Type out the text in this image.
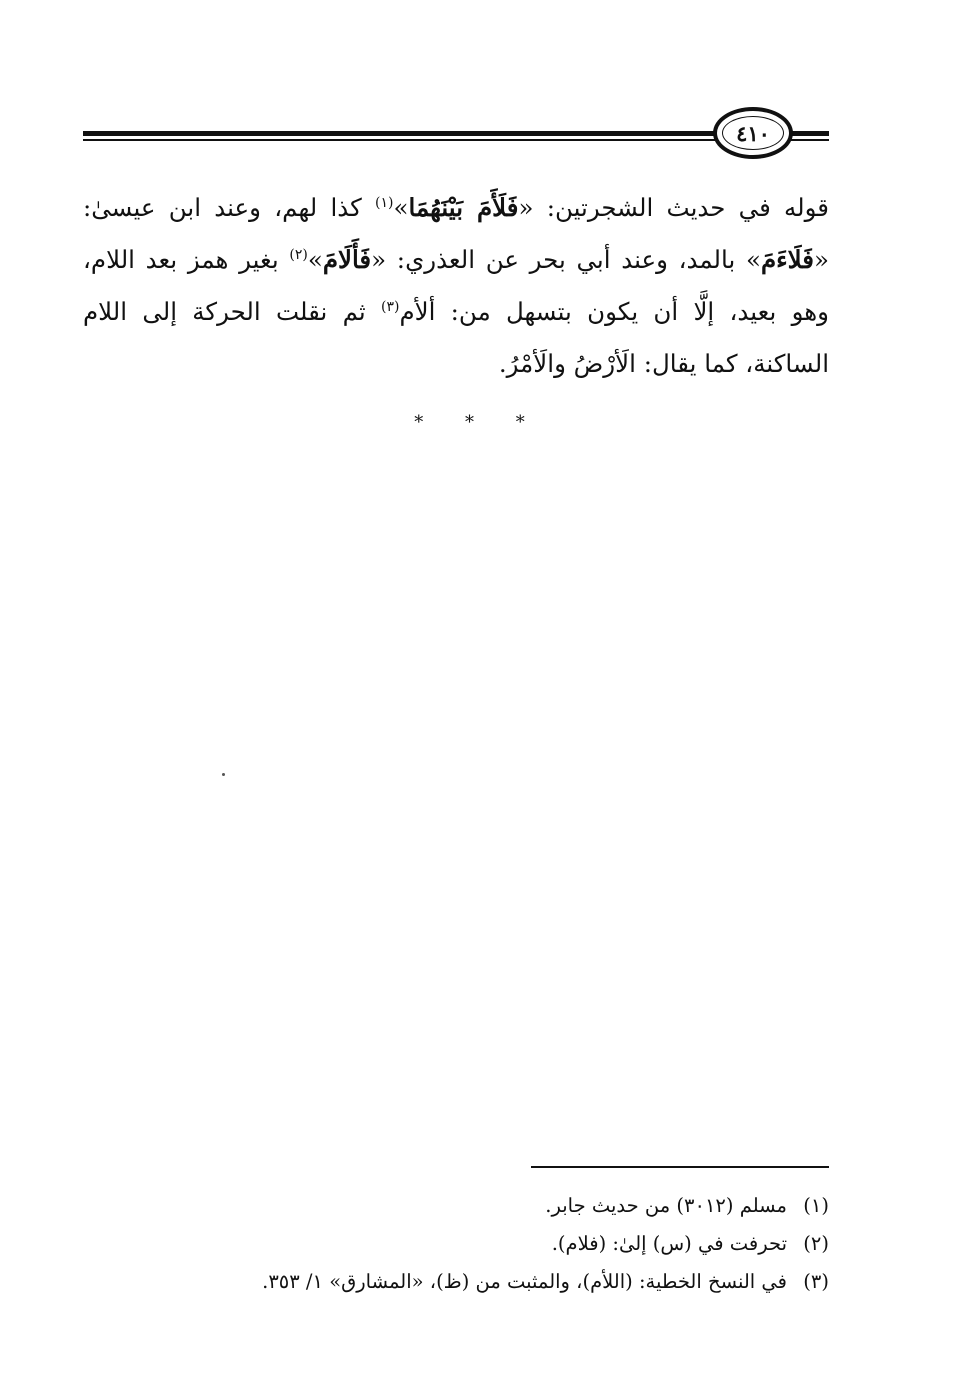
٤١٠

قوله في حديث الشجرتين: «فَلَأَمَ بَيْنَهُمَا»$^{(١)}$ كذا لهم، وعند ابن عيسىٰ: «فَلَاءَمَ» بالمد، وعند أبي بحر عن العذري: «فَأَلَامَ»$^{(٢)}$ بغير همز بعد اللام، وهو بعيد، إلَّا أن يكون بتسهل من: ألأم$^{(٣)}$ ثم نقلت الحركة إلى اللام الساكنة، كما يقال: الَأرْضُ والَأمْرُ.

* * *
(١)
مسلم (٣٠١٢) من حديث جابر.
(٢)
تحرفت في (س) إلىٰ: (فلام).
(٣)
في النسخ الخطية: (اللأم)، والمثبت من (ظ)، «المشارق» ١/ ٣٥٣.
